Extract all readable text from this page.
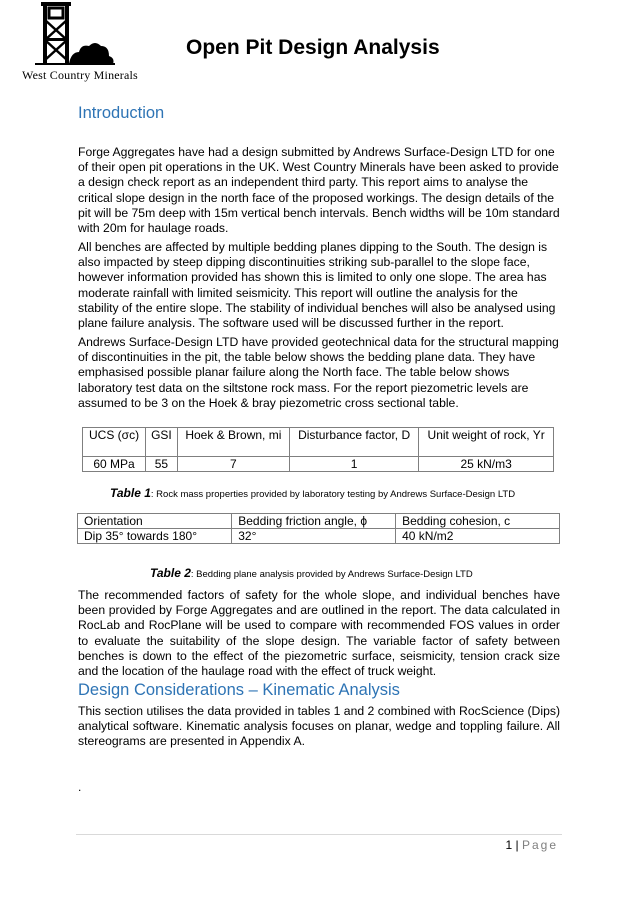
West Country Minerals
Open Pit Design Analysis
Introduction

Forge Aggregates have had a design submitted by Andrews Surface-Design LTD for one of their open pit operations in the UK. West Country Minerals have been asked to provide a design check report as an independent third party. This report aims to analyse the critical slope design in the north face of the proposed workings. The design details of the pit will be 75m deep with 15m vertical bench intervals. Bench widths will be 10m standard with 20m for haulage roads.

All benches are affected by multiple bedding planes dipping to the South. The design is also impacted by steep dipping discontinuities striking sub-parallel to the slope face, however information provided has shown this is limited to only one slope. The area has moderate rainfall with limited seismicity. This report will outline the analysis for the stability of the entire slope. The stability of individual benches will also be analysed using plane failure analysis. The software used will be discussed further in the report.

Andrews Surface-Design LTD have provided geotechnical data for the structural mapping of discontinuities in the pit, the table below shows the bedding plane data. They have emphasised possible planar failure along the North face. The table below shows laboratory test data on the siltstone rock mass. For the report piezometric levels are assumed to be 3 on the Hoek & bray piezometric cross sectional table.

UCS (σc)	GSI	Hoek & Brown, mi	Disturbance factor, D	Unit weight of rock, Yr
60 MPa	55	7	1	25 kN/m3

Table 1: Rock mass properties provided by laboratory testing by Andrews Surface-Design LTD

Orientation	Bedding friction angle, ϕ	Bedding cohesion, c
Dip 35° towards 180°	32°	40 kN/m2

Table 2: Bedding plane analysis provided by Andrews Surface-Design LTD

The recommended factors of safety for the whole slope, and individual benches have been provided by Forge Aggregates and are outlined in the report. The data calculated in RocLab and RocPlane will be used to compare with recommended FOS values in order to evaluate the suitability of the slope design. The variable factor of safety between benches is down to the effect of the piezometric surface, seismicity, tension crack size and the location of the haulage road with the effect of truck weight.

Design Considerations – Kinematic Analysis

This section utilises the data provided in tables 1 and 2 combined with RocScience (Dips) analytical software. Kinematic analysis focuses on planar, wedge and toppling failure. All stereograms are presented in Appendix A.

.
1 | Page
